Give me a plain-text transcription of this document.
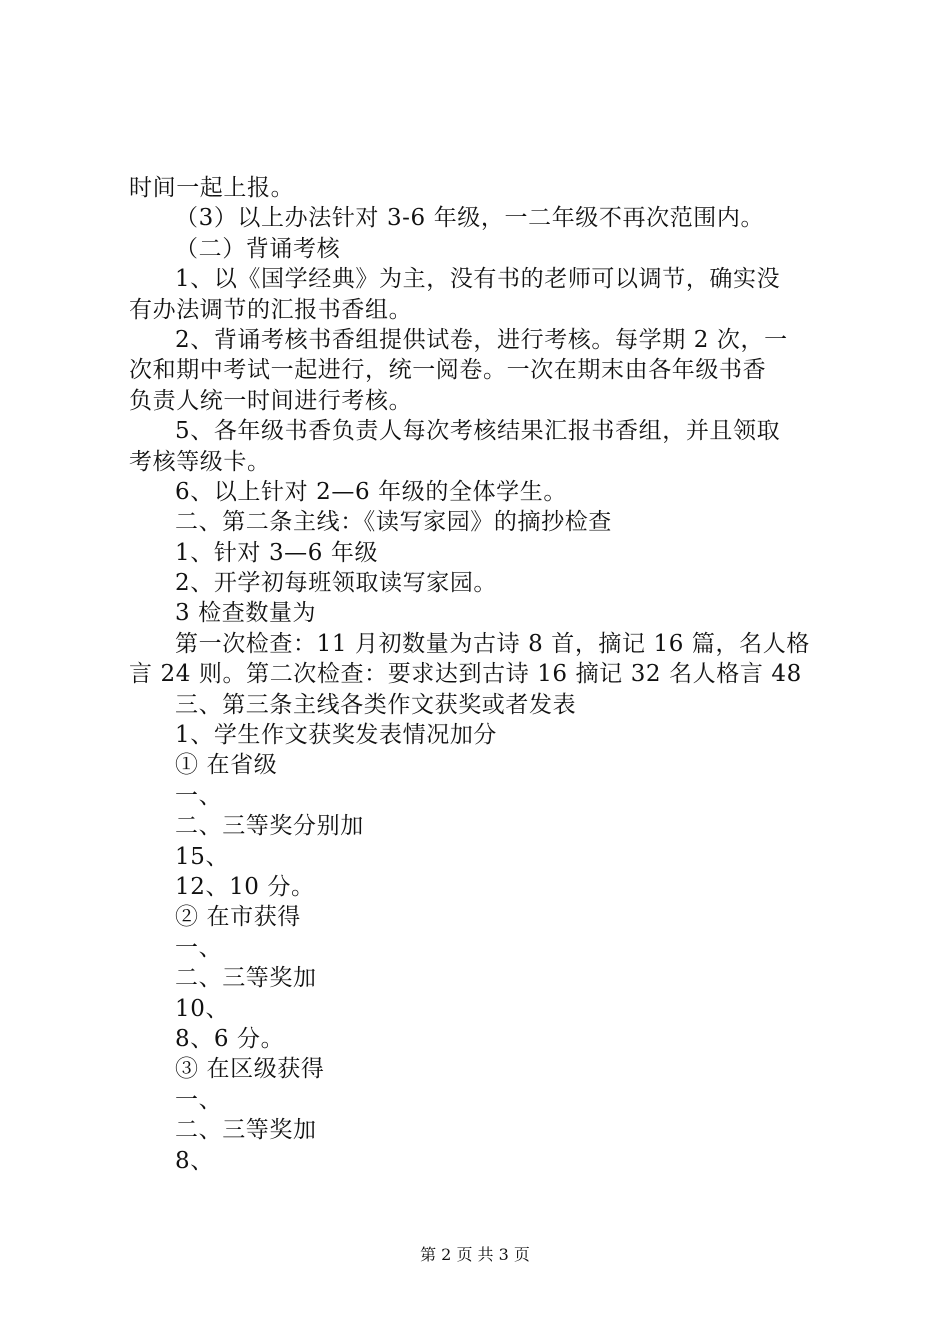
时间一起上报。
（3）以上办法针对 3-6 年级，一二年级不再次范围内。
（二）背诵考核
1、以《国学经典》为主，没有书的老师可以调节，确实没
有办法调节的汇报书香组。
2、背诵考核书香组提供试卷，进行考核。每学期 2 次，一
次和期中考试一起进行，统一阅卷。一次在期末由各年级书香
负责人统一时间进行考核。
5、各年级书香负责人每次考核结果汇报书香组，并且领取
考核等级卡。
6、以上针对 2—6 年级的全体学生。
二、第二条主线：《读写家园》的摘抄检查
1、针对 3—6 年级
2、开学初每班领取读写家园。
3 检查数量为
第一次检查：11 月初数量为古诗 8 首，摘记 16 篇，名人格
言 24 则。第二次检查：要求达到古诗 16 摘记 32 名人格言 48
三、第三条主线各类作文获奖或者发表
1、学生作文获奖发表情况加分
① 在省级
一、
二、三等奖分别加
15、
12、10 分。
② 在市获得
一、
二、三等奖加
10、
8、6 分。
③ 在区级获得
一、
二、三等奖加
8、
第 2 页 共 3 页
